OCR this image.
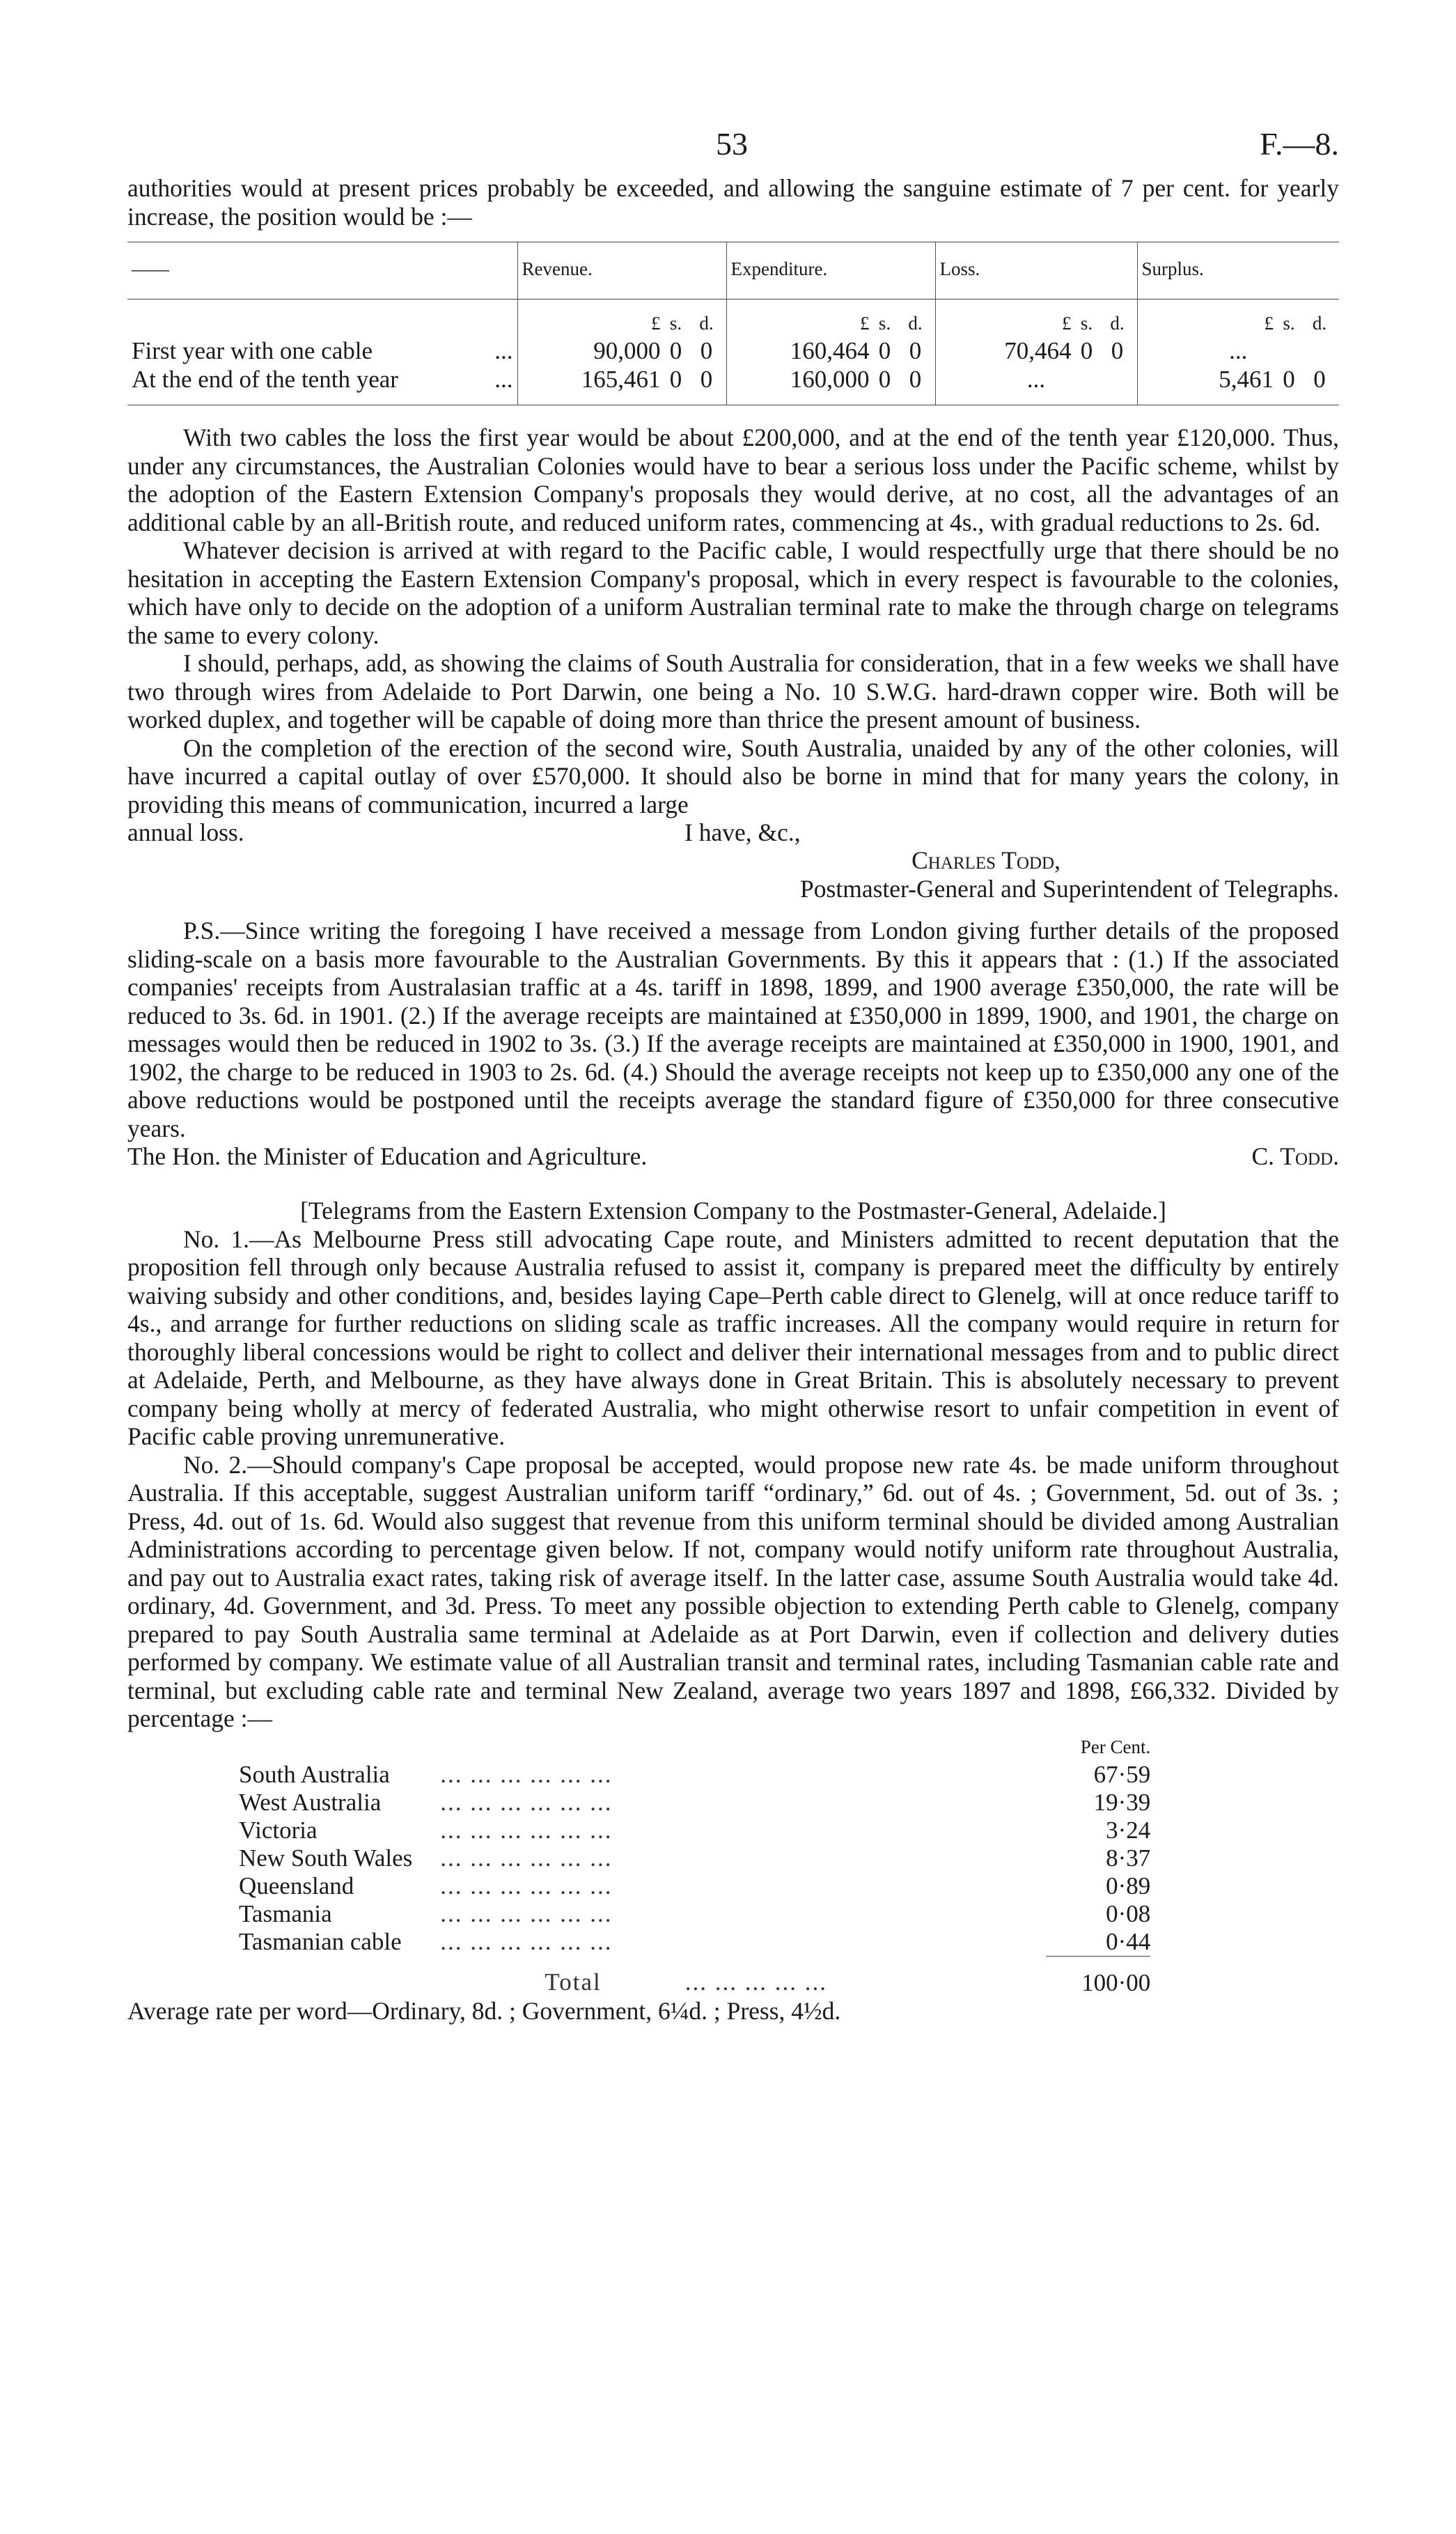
53	F.—8.

authorities would at present prices probably be exceeded, and allowing the sanguine estimate of 7 per cent. for yearly increase, the position would be :—

——	Revenue.	Expenditure.	Loss.	Surplus.
	£ s. d.	£ s. d.	£ s. d.	£ s. d.
First year with one cable ...	90,000 0 0	160,464 0 0	70,464 0 0	...
At the end of the tenth year ...	165,461 0 0	160,000 0 0	...	5,461 0 0

With two cables the loss the first year would be about £200,000, and at the end of the tenth year £120,000. Thus, under any circumstances, the Australian Colonies would have to bear a serious loss under the Pacific scheme, whilst by the adoption of the Eastern Extension Company's proposals they would derive, at no cost, all the advantages of an additional cable by an all-British route, and reduced uniform rates, commencing at 4s., with gradual reductions to 2s. 6d.

Whatever decision is arrived at with regard to the Pacific cable, I would respectfully urge that there should be no hesitation in accepting the Eastern Extension Company's proposal, which in every respect is favourable to the colonies, which have only to decide on the adoption of a uniform Australian terminal rate to make the through charge on telegrams the same to every colony.

I should, perhaps, add, as showing the claims of South Australia for consideration, that in a few weeks we shall have two through wires from Adelaide to Port Darwin, one being a No. 10 S.W.G. hard-drawn copper wire. Both will be worked duplex, and together will be capable of doing more than thrice the present amount of business.

On the completion of the erection of the second wire, South Australia, unaided by any of the other colonies, will have incurred a capital outlay of over £570,000. It should also be borne in mind that for many years the colony, in providing this means of communication, incurred a large

annual loss.	I have, &c.,

Charles Todd,

Postmaster-General and Superintendent of Telegraphs.

P.S.—Since writing the foregoing I have received a message from London giving further details of the proposed sliding-scale on a basis more favourable to the Australian Governments. By this it appears that : (1.) If the associated companies' receipts from Australasian traffic at a 4s. tariff in 1898, 1899, and 1900 average £350,000, the rate will be reduced to 3s. 6d. in 1901. (2.) If the average receipts are maintained at £350,000 in 1899, 1900, and 1901, the charge on messages would then be reduced in 1902 to 3s. (3.) If the average receipts are maintained at £350,000 in 1900, 1901, and 1902, the charge to be reduced in 1903 to 2s. 6d. (4.) Should the average receipts not keep up to £350,000 any one of the above reductions would be postponed until the receipts average the standard figure of £350,000 for three consecutive years.

The Hon. the Minister of Education and Agriculture.	C. Todd.

[Telegrams from the Eastern Extension Company to the Postmaster-General, Adelaide.]

No. 1.—As Melbourne Press still advocating Cape route, and Ministers admitted to recent deputation that the proposition fell through only because Australia refused to assist it, company is prepared meet the difficulty by entirely waiving subsidy and other conditions, and, besides laying Cape–Perth cable direct to Glenelg, will at once reduce tariff to 4s., and arrange for further reductions on sliding scale as traffic increases. All the company would require in return for thoroughly liberal concessions would be right to collect and deliver their international messages from and to public direct at Adelaide, Perth, and Melbourne, as they have always done in Great Britain. This is absolutely necessary to prevent company being wholly at mercy of federated Australia, who might otherwise resort to unfair competition in event of Pacific cable proving unremunerative.

No. 2.—Should company's Cape proposal be accepted, would propose new rate 4s. be made uniform throughout Australia. If this acceptable, suggest Australian uniform tariff “ordinary,” 6d. out of 4s. ; Government, 5d. out of 3s. ; Press, 4d. out of 1s. 6d. Would also suggest that revenue from this uniform terminal should be divided among Australian Administrations according to percentage given below. If not, company would notify uniform rate throughout Australia, and pay out to Australia exact rates, taking risk of average itself. In the latter case, assume South Australia would take 4d. ordinary, 4d. Government, and 3d. Press. To meet any possible objection to extending Perth cable to Glenelg, company prepared to pay South Australia same terminal at Adelaide as at Port Darwin, even if collection and delivery duties performed by company. We estimate value of all Australian transit and terminal rates, including Tasmanian cable rate and terminal, but excluding cable rate and terminal New Zealand, average two years 1897 and 1898, £66,332. Divided by percentage :—

		Per Cent.
South Australia	... ... ... ... ... ...	67·59
West Australia	... ... ... ... ... ...	19·39
Victoria	... ... ... ... ... ...	3·24
New South Wales	... ... ... ... ... ...	8·37
Queensland	... ... ... ... ... ...	0·89
Tasmania	... ... ... ... ... ...	0·08
Tasmanian cable	... ... ... ... ... ...	0·44
	Total ... ... ... ... ...	100·00

Average rate per word—Ordinary, 8d. ; Government, 6¼d. ; Press, 4½d.
